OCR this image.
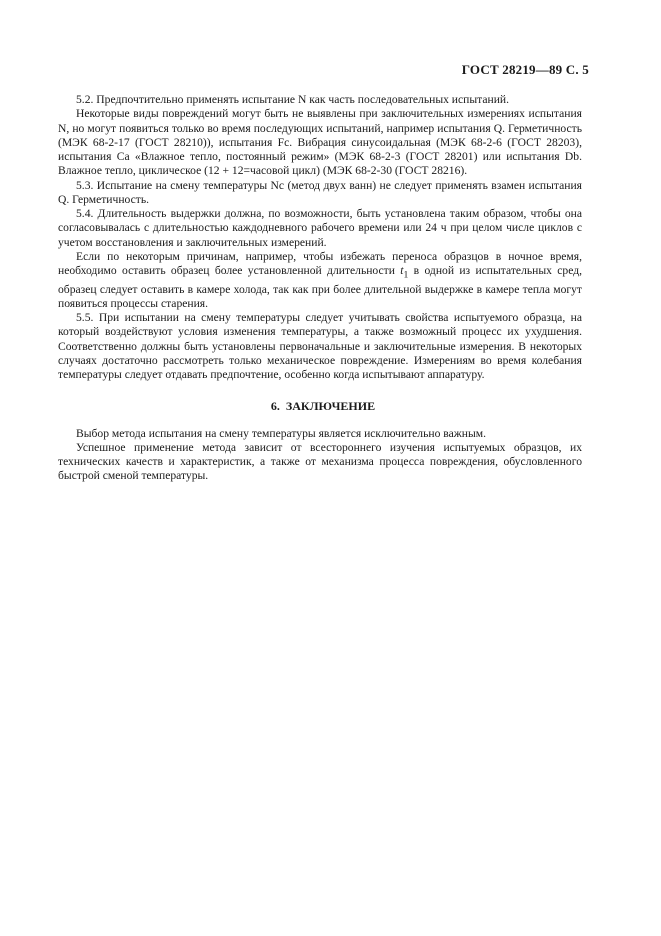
ГОСТ 28219—89 С. 5

5.2. Предпочтительно применять испытание N как часть последовательных испытаний.

Некоторые виды повреждений могут быть не выявлены при заключительных измерениях испытания N, но могут появиться только во время последующих испытаний, например испытания Q. Герметичность (МЭК 68-2-17 (ГОСТ 28210)), испытания Fc. Вибрация синусоидальная (МЭК 68-2-6 (ГОСТ 28203), испытания Ca «Влажное тепло, постоянный режим» (МЭК 68-2-3 (ГОСТ 28201) или испытания Db. Влажное тепло, циклическое (12 + 12=часовой цикл) (МЭК 68-2-30 (ГОСТ 28216).

5.3. Испытание на смену температуры Nc (метод двух ванн) не следует применять взамен испытания Q. Герметичность.

5.4. Длительность выдержки должна, по возможности, быть установлена таким образом, чтобы она согласовывалась с длительностью каждодневного рабочего времени или 24 ч при целом числе циклов с учетом восстановления и заключительных измерений.

Если по некоторым причинам, например, чтобы избежать переноса образцов в ночное время, необходимо оставить образец более установленной длительности $t_1$ в одной из испытательных сред, образец следует оставить в камере холода, так как при более длительной выдержке в камере тепла могут появиться процессы старения.

5.5. При испытании на смену температуры следует учитывать свойства испытуемого образца, на который воздействуют условия изменения температуры, а также возможный процесс их ухудшения. Соответственно должны быть установлены первоначальные и заключительные измерения. В некоторых случаях достаточно рассмотреть только механическое повреждение. Измерениям во время колебания температуры следует отдавать предпочтение, особенно когда испытывают аппаратуру.

6. ЗАКЛЮЧЕНИЕ

Выбор метода испытания на смену температуры является исключительно важным.

Успешное применение метода зависит от всестороннего изучения испытуемых образцов, их технических качеств и характеристик, а также от механизма процесса повреждения, обусловленного быстрой сменой температуры.
